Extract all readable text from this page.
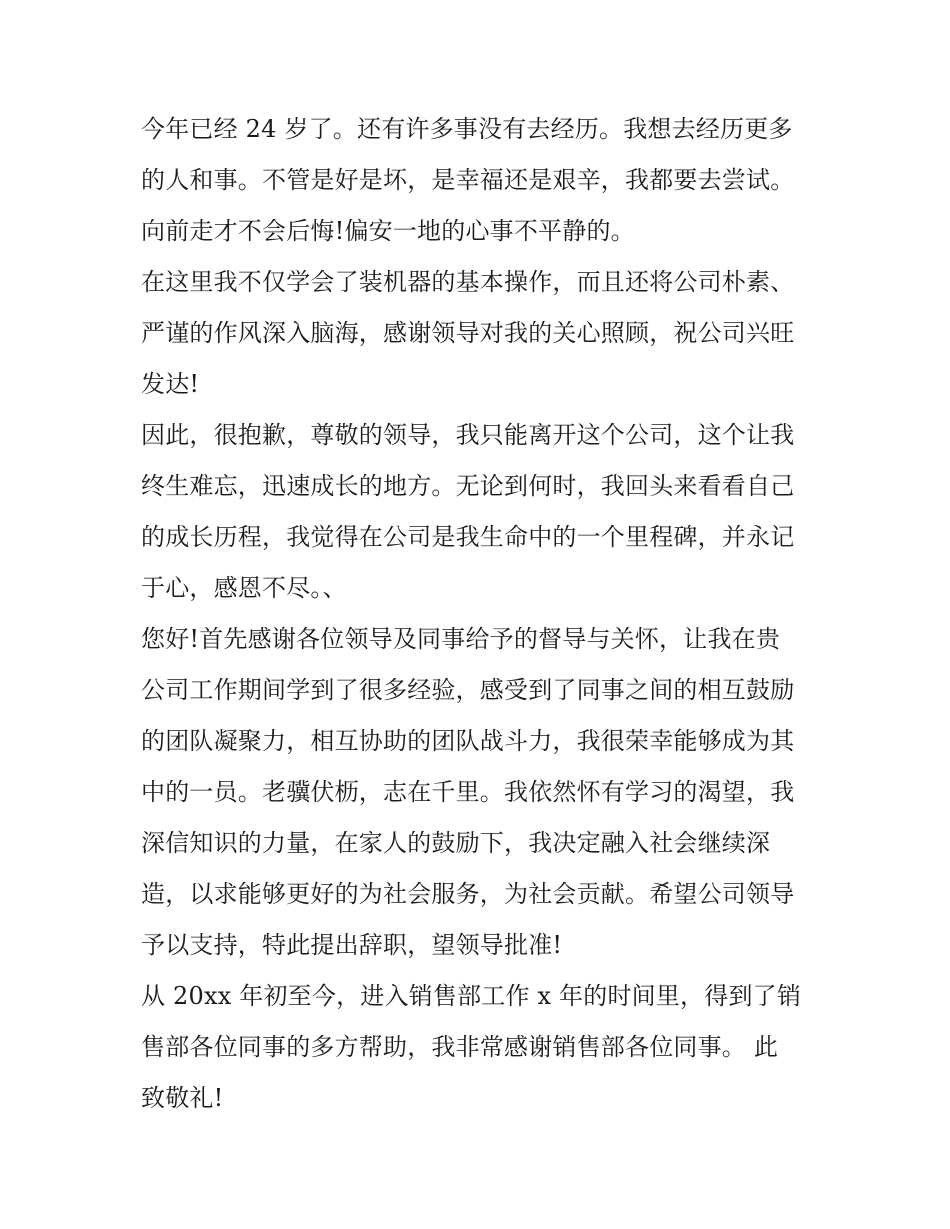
今年已经 24 岁了。还有许多事没有去经历。我想去经历更多
的人和事。不管是好是坏，是幸福还是艰辛，我都要去尝试。
向前走才不会后悔!偏安一地的心事不平静的。
在这里我不仅学会了装机器的基本操作，而且还将公司朴素、
严谨的作风深入脑海，感谢领导对我的关心照顾，祝公司兴旺
发达!
因此，很抱歉，尊敬的领导，我只能离开这个公司，这个让我
终生难忘，迅速成长的地方。无论到何时，我回头来看看自己
的成长历程，我觉得在公司是我生命中的一个里程碑，并永记
于心，感恩不尽。、
您好!首先感谢各位领导及同事给予的督导与关怀，让我在贵
公司工作期间学到了很多经验，感受到了同事之间的相互鼓励
的团队凝聚力，相互协助的团队战斗力，我很荣幸能够成为其
中的一员。老骥伏枥，志在千里。我依然怀有学习的渴望，我
深信知识的力量，在家人的鼓励下，我决定融入社会继续深
造，以求能够更好的为社会服务，为社会贡献。希望公司领导
予以支持，特此提出辞职，望领导批准!
从 20xx 年初至今，进入销售部工作 x 年的时间里，得到了销
售部各位同事的多方帮助，我非常感谢销售部各位同事。 此
致敬礼!
